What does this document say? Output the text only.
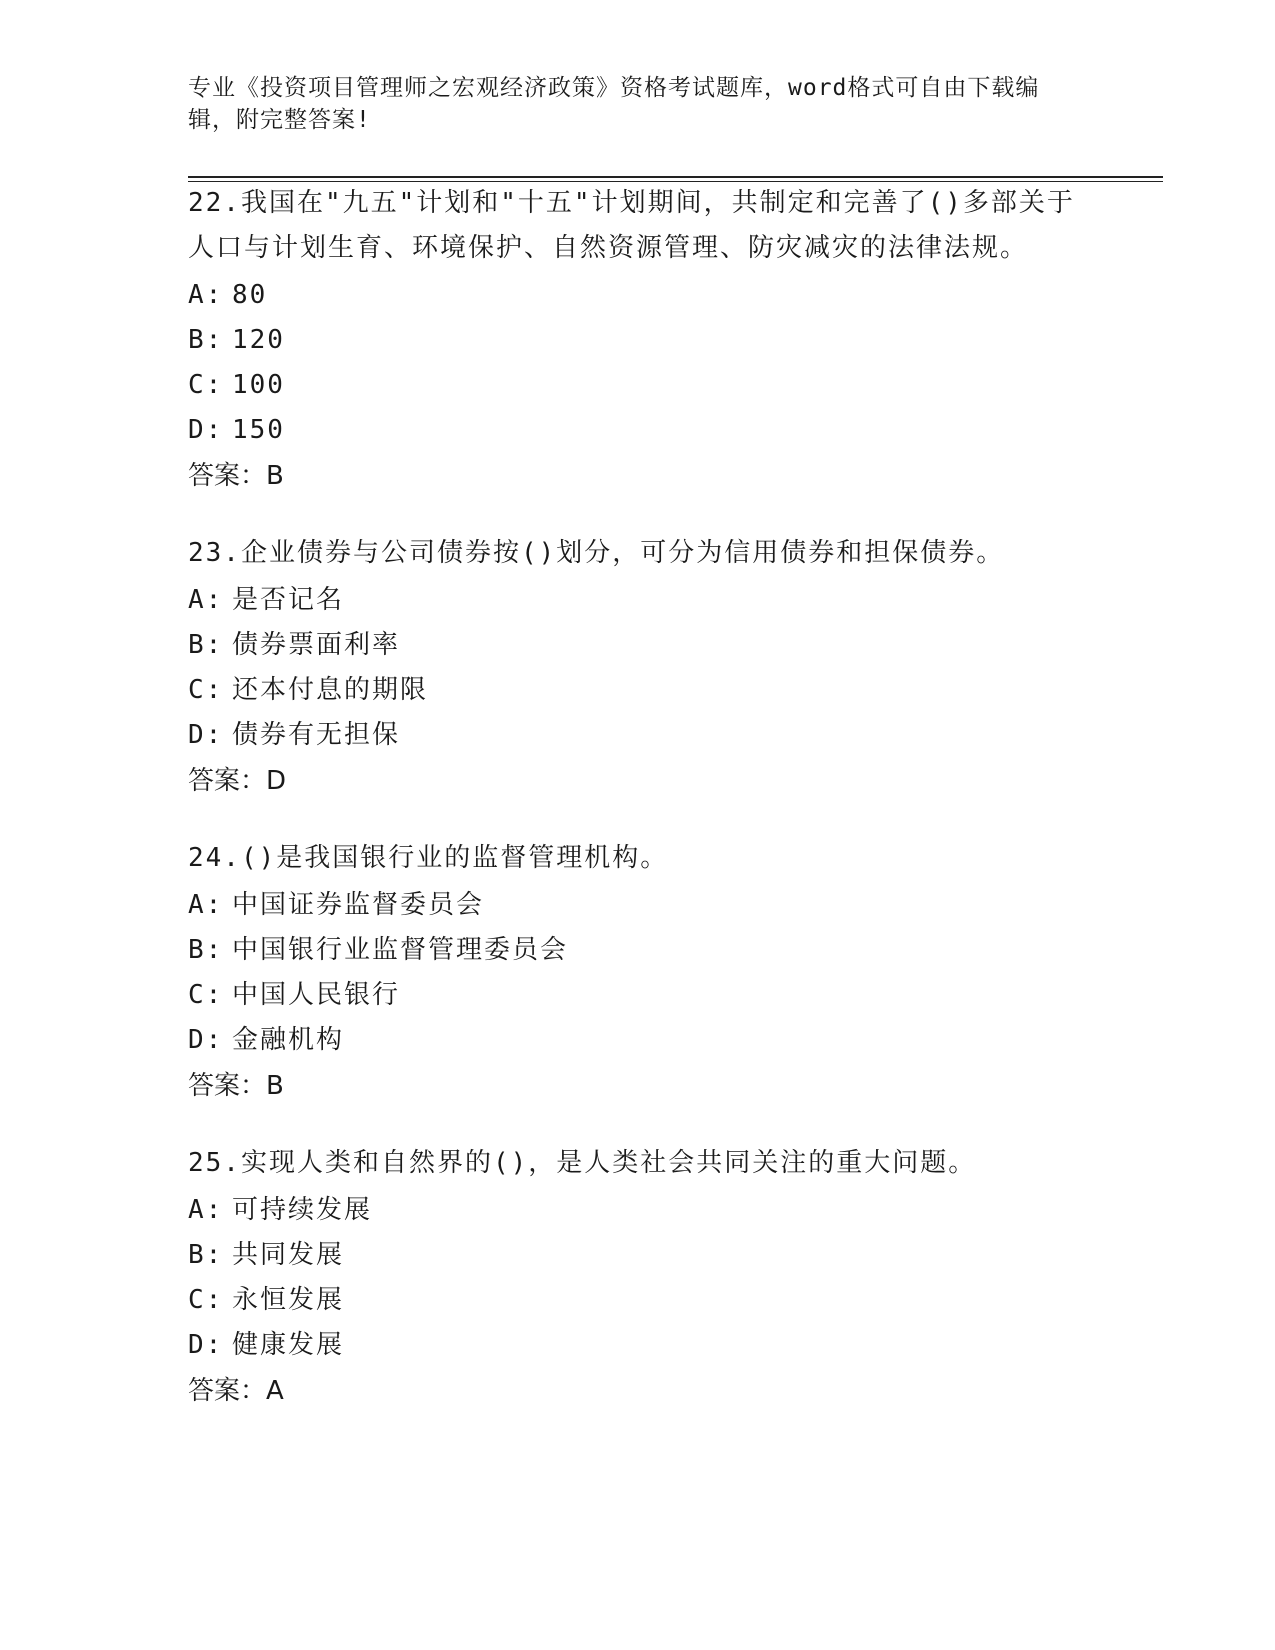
专业《投资项目管理师之宏观经济政策》资格考试题库，word格式可自由下载编辑，附完整答案!
22.我国在"九五"计划和"十五"计划期间，共制定和完善了()多部关于人口与计划生育、环境保护、自然资源管理、防灾减灾的法律法规。
A: 80
B: 120
C: 100
D: 150
答案：B
23.企业债券与公司债券按()划分，可分为信用债券和担保债券。
A: 是否记名
B: 债券票面利率
C: 还本付息的期限
D: 债券有无担保
答案：D
24.()是我国银行业的监督管理机构。
A: 中国证券监督委员会
B: 中国银行业监督管理委员会
C: 中国人民银行
D: 金融机构
答案：B
25.实现人类和自然界的()，是人类社会共同关注的重大问题。
A: 可持续发展
B: 共同发展
C: 永恒发展
D: 健康发展
答案：A
